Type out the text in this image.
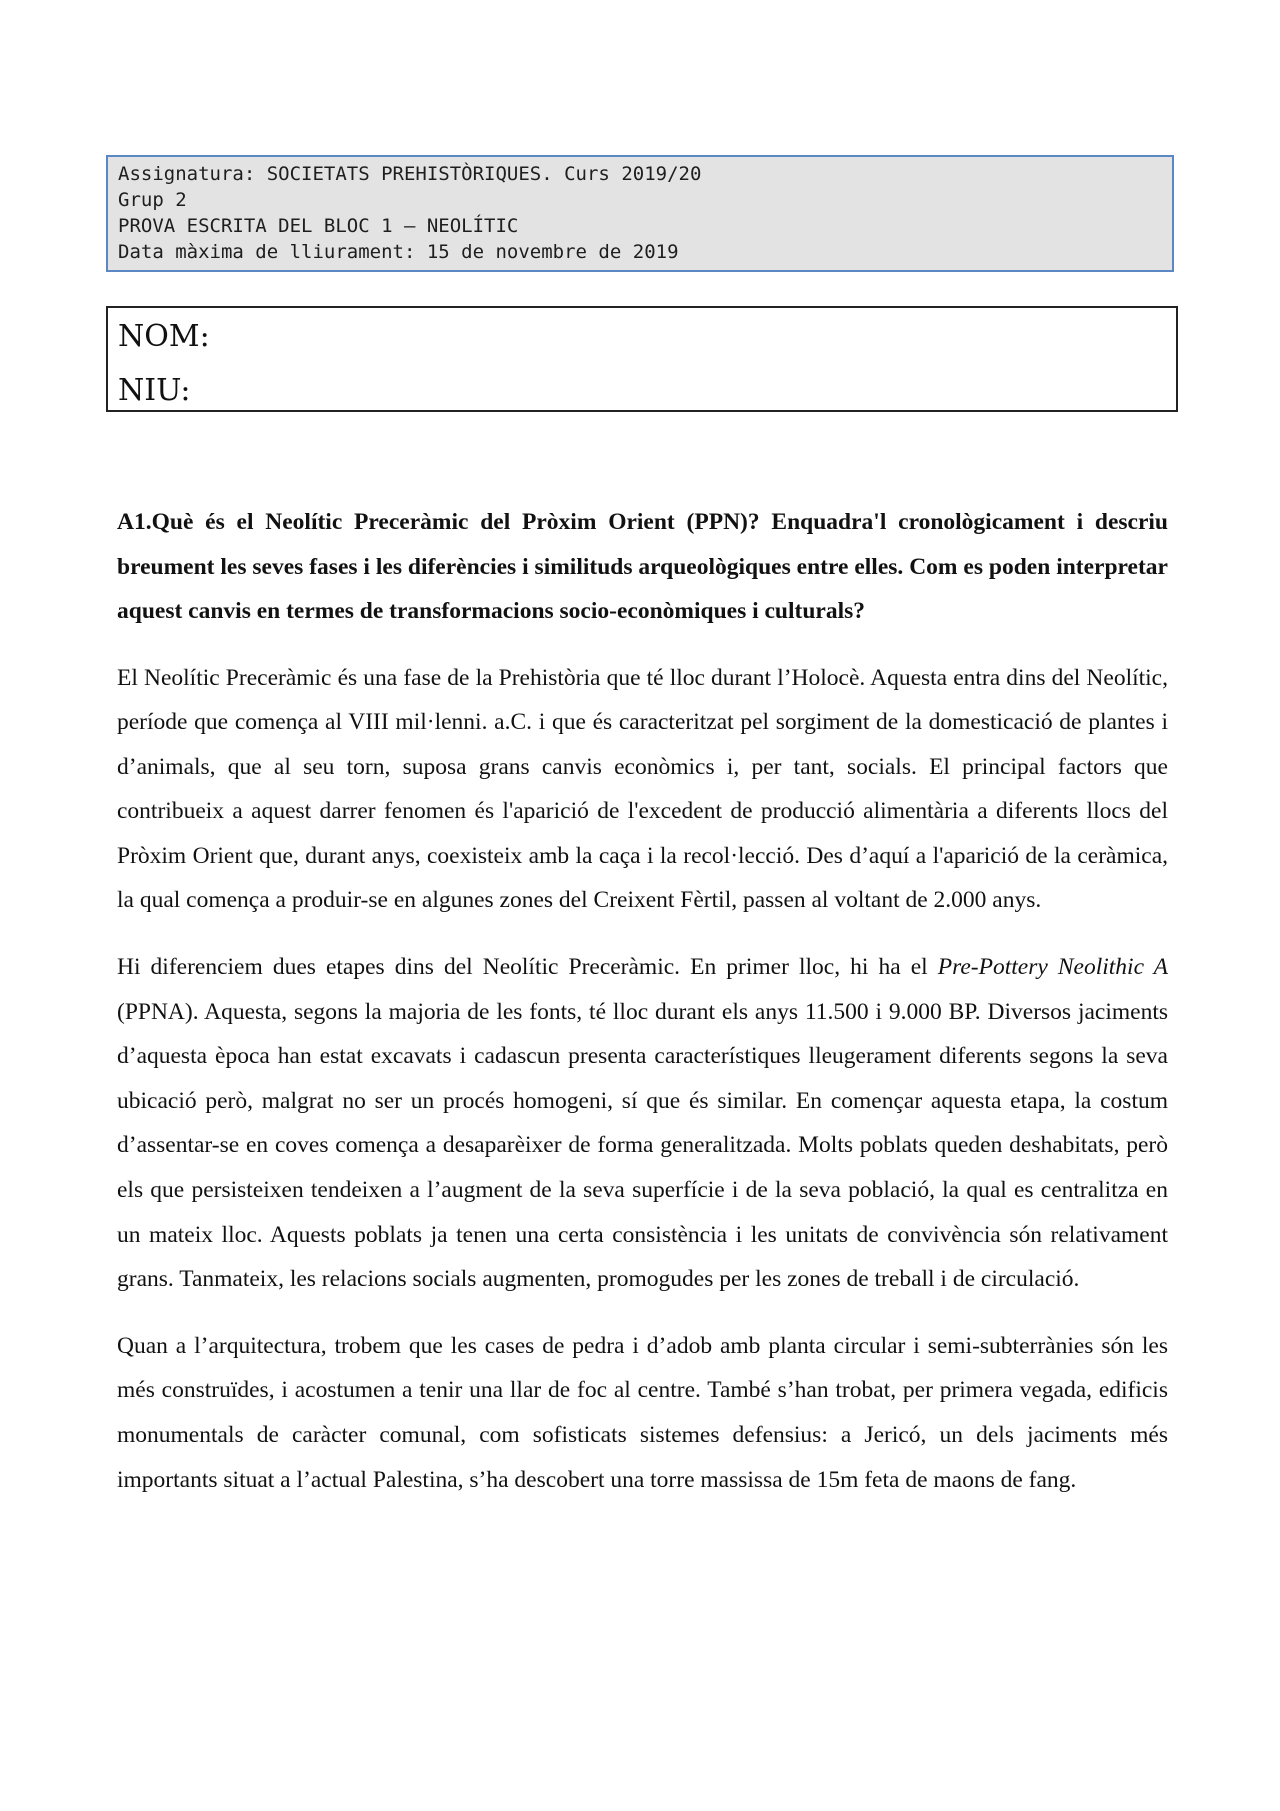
Assignatura: SOCIETATS PREHISTÒRIQUES. Curs 2019/20
Grup 2
PROVA ESCRITA DEL BLOC 1 – NEOLÍTIC
Data màxima de lliurament: 15 de novembre de 2019
NOM:
NIU:

A1.Què és el Neolític Preceràmic del Pròxim Orient (PPN)? Enquadra'l cronològicament i descriu breument les seves fases i les diferències i similituds arqueològiques entre elles. Com es poden interpretar aquest canvis en termes de transformacions socio-econòmiques i culturals?

El Neolític Preceràmic és una fase de la Prehistòria que té lloc durant l’Holocè. Aquesta entra dins del Neolític, període que comença al VIII mil·lenni. a.C. i que és caracteritzat pel sorgiment de la domesticació de plantes i d’animals, que al seu torn, suposa grans canvis econòmics i, per tant, socials. El principal factors que contribueix a aquest darrer fenomen és l'aparició de l'excedent de producció alimentària a diferents llocs del Pròxim Orient que, durant anys, coexisteix amb la caça i la recol·lecció. Des d’aquí a l'aparició de la ceràmica, la qual comença a produir-se en algunes zones del Creixent Fèrtil, passen al voltant de 2.000 anys.

Hi diferenciem dues etapes dins del Neolític Preceràmic. En primer lloc, hi ha el Pre-Pottery Neolithic A (PPNA). Aquesta, segons la majoria de les fonts, té lloc durant els anys 11.500 i 9.000 BP. Diversos jaciments d’aquesta època han estat excavats i cadascun presenta característiques lleugerament diferents segons la seva ubicació però, malgrat no ser un procés homogeni, sí que és similar. En començar aquesta etapa, la costum d’assentar-se en coves comença a desaparèixer de forma generalitzada. Molts poblats queden deshabitats, però els que persisteixen tendeixen a l’augment de la seva superfície i de la seva població, la qual es centralitza en un mateix lloc. Aquests poblats ja tenen una certa consistència i les unitats de convivència són relativament grans. Tanmateix, les relacions socials augmenten, promogudes per les zones de treball i de circulació.

Quan a l’arquitectura, trobem que les cases de pedra i d’adob amb planta circular i semi-subterrànies són les més construïdes, i acostumen a tenir una llar de foc al centre. També s’han trobat, per primera vegada, edificis monumentals de caràcter comunal, com sofisticats sistemes defensius: a Jericó, un dels jaciments més importants situat a l’actual Palestina, s’ha descobert una torre massissa de 15m feta de maons de fang.
